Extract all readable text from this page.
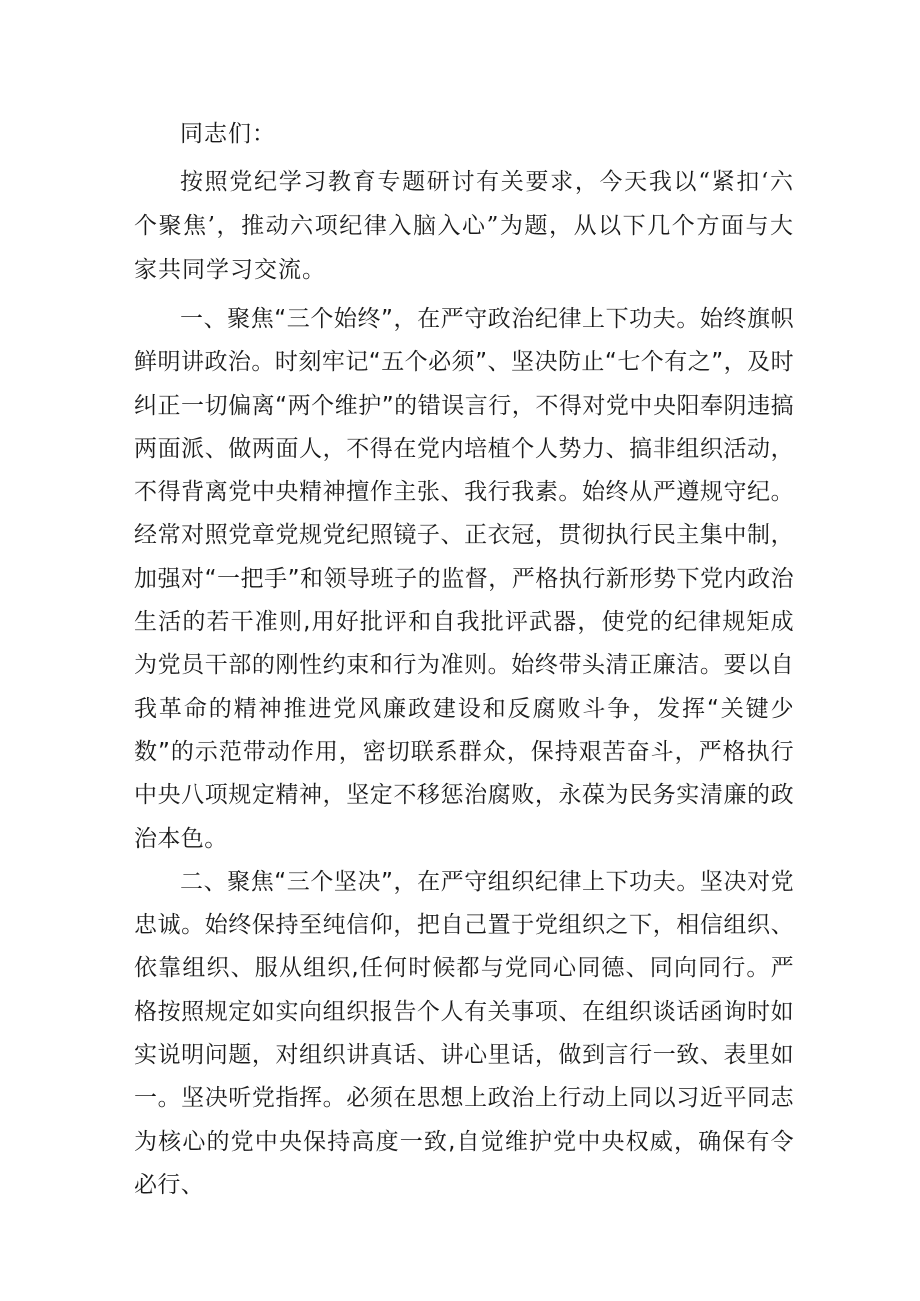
同志们：

按照党纪学习教育专题研讨有关要求，今天我以“紧扣‘六个聚焦’，推动六项纪律入脑入心”为题，从以下几个方面与大家共同学习交流。

一、聚焦“三个始终”，在严守政治纪律上下功夫。始终旗帜鲜明讲政治。时刻牢记“五个必须”、坚决防止“七个有之”，及时纠正一切偏离“两个维护”的错误言行，不得对党中央阳奉阴违搞两面派、做两面人，不得在党内培植个人势力、搞非组织活动，不得背离党中央精神擅作主张、我行我素。始终从严遵规守纪。经常对照党章党规党纪照镜子、正衣冠，贯彻执行民主集中制，加强对“一把手”和领导班子的监督，严格执行新形势下党内政治生活的若干准则,用好批评和自我批评武器，使党的纪律规矩成为党员干部的刚性约束和行为准则。始终带头清正廉洁。要以自我革命的精神推进党风廉政建设和反腐败斗争，发挥“关键少数”的示范带动作用，密切联系群众，保持艰苦奋斗，严格执行中央八项规定精神，坚定不移惩治腐败，永葆为民务实清廉的政治本色。

二、聚焦“三个坚决”，在严守组织纪律上下功夫。坚决对党忠诚。始终保持至纯信仰，把自己置于党组织之下，相信组织、依靠组织、服从组织,任何时候都与党同心同德、同向同行。严格按照规定如实向组织报告个人有关事项、在组织谈话函询时如实说明问题，对组织讲真话、讲心里话，做到言行一致、表里如一。坚决听党指挥。必须在思想上政治上行动上同以习近平同志为核心的党中央保持高度一致,自觉维护党中央权威，确保有令必行、
